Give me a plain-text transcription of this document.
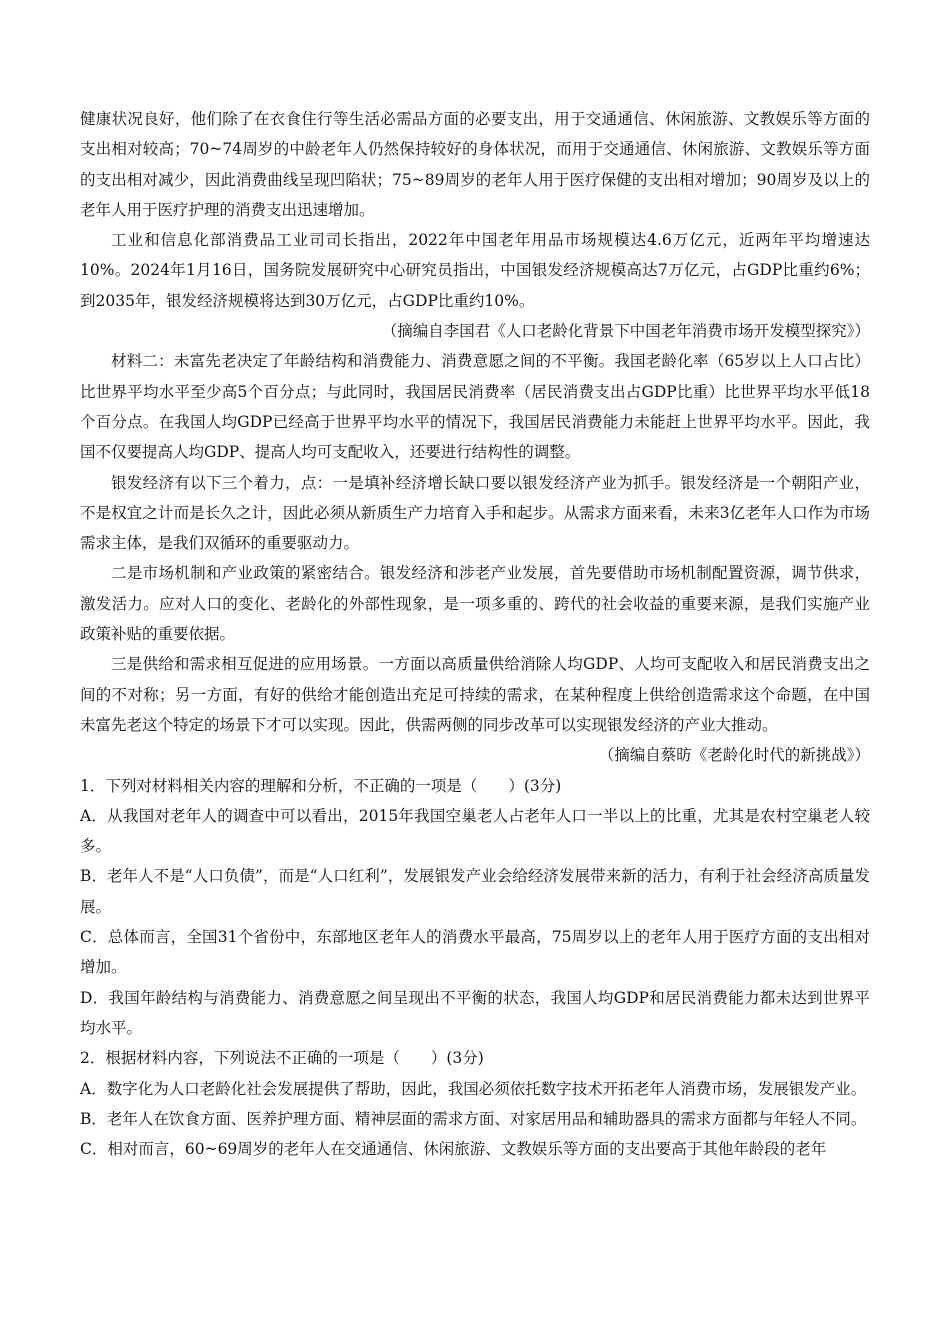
健康状况良好，他们除了在衣食住行等生活必需品方面的必要支出，用于交通通信、休闲旅游、文教娱乐等方面的支出相对较高；70~74周岁的中龄老年人仍然保持较好的身体状况，而用于交通通信、休闲旅游、文教娱乐等方面的支出相对减少，因此消费曲线呈现凹陷状；75~89周岁的老年人用于医疗保健的支出相对增加；90周岁及以上的老年人用于医疗护理的消费支出迅速增加。

工业和信息化部消费品工业司司长指出，2022年中国老年用品市场规模达4.6万亿元，近两年平均增速达10%。2024年1月16日，国务院发展研究中心研究员指出，中国银发经济规模高达7万亿元，占GDP比重约6%；到2035年，银发经济规模将达到30万亿元，占GDP比重约10%。

（摘编自李国君《人口老龄化背景下中国老年消费市场开发模型探究》）

材料二：未富先老决定了年龄结构和消费能力、消费意愿之间的不平衡。我国老龄化率（65岁以上人口占比）比世界平均水平至少高5个百分点；与此同时，我国居民消费率（居民消费支出占GDP比重）比世界平均水平低18个百分点。在我国人均GDP已经高于世界平均水平的情况下，我国居民消费能力未能赶上世界平均水平。因此，我国不仅要提高人均GDP、提高人均可支配收入，还要进行结构性的调整。

银发经济有以下三个着力，点：一是填补经济增长缺口要以银发经济产业为抓手。银发经济是一个朝阳产业，不是权宜之计而是长久之计，因此必须从新质生产力培育入手和起步。从需求方面来看，未来3亿老年人口作为市场需求主体，是我们双循环的重要驱动力。

二是市场机制和产业政策的紧密结合。银发经济和涉老产业发展，首先要借助市场机制配置资源，调节供求，激发活力。应对人口的变化、老龄化的外部性现象，是一项多重的、跨代的社会收益的重要来源，是我们实施产业政策补贴的重要依据。

三是供给和需求相互促进的应用场景。一方面以高质量供给消除人均GDP、人均可支配收入和居民消费支出之间的不对称；另一方面，有好的供给才能创造出充足可持续的需求，在某种程度上供给创造需求这个命题，在中国未富先老这个特定的场景下才可以实现。因此，供需两侧的同步改革可以实现银发经济的产业大推动。

（摘编自蔡昉《老龄化时代的新挑战》）

1．下列对材料相关内容的理解和分析，不正确的一项是（　　）(3分)

A．从我国对老年人的调查中可以看出，2015年我国空巢老人占老年人口一半以上的比重，尤其是农村空巢老人较多。

B．老年人不是“人口负债”，而是“人口红利”，发展银发产业会给经济发展带来新的活力，有利于社会经济高质量发展。

C．总体而言，全国31个省份中，东部地区老年人的消费水平最高，75周岁以上的老年人用于医疗方面的支出相对增加。

D．我国年龄结构与消费能力、消费意愿之间呈现出不平衡的状态，我国人均GDP和居民消费能力都未达到世界平均水平。

2．根据材料内容，下列说法不正确的一项是（　　）(3分)

A．数字化为人口老龄化社会发展提供了帮助，因此，我国必须依托数字技术开拓老年人消费市场，发展银发产业。

B．老年人在饮食方面、医养护理方面、精神层面的需求方面、对家居用品和辅助器具的需求方面都与年轻人不同。

C．相对而言，60~69周岁的老年人在交通通信、休闲旅游、文教娱乐等方面的支出要高于其他年龄段的老年
